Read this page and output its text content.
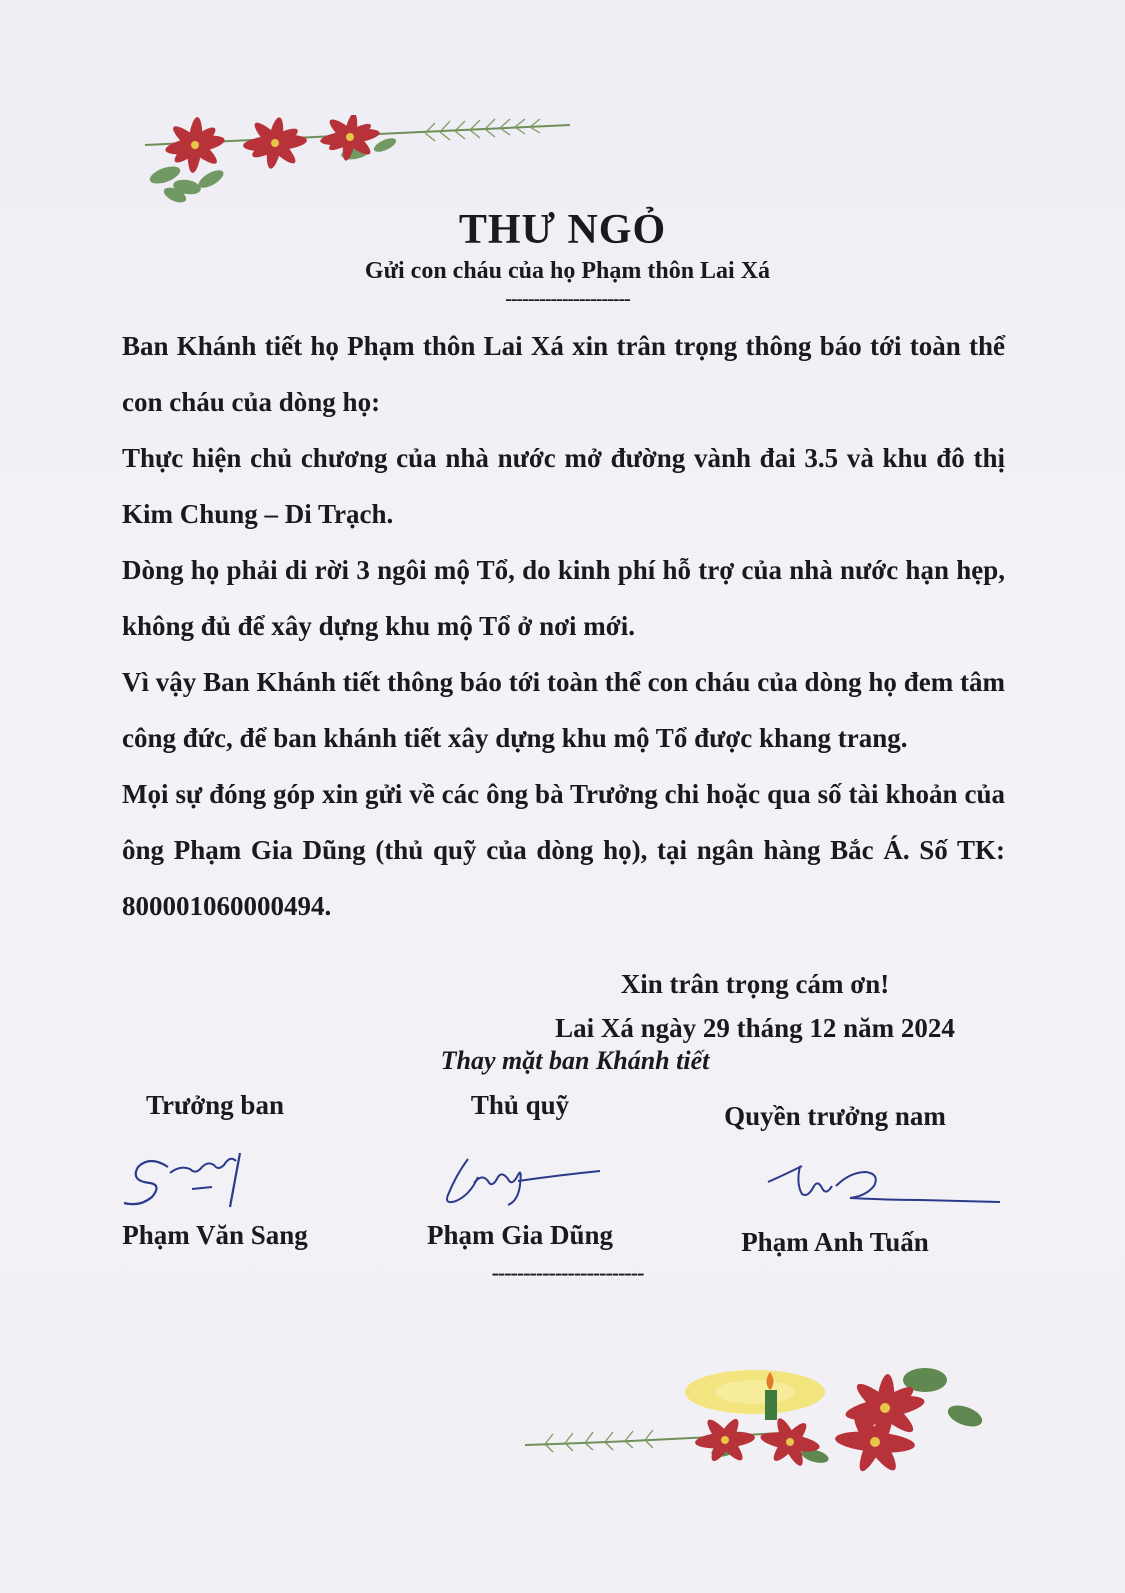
THƯ NGỎ
Gửi con cháu của họ Phạm thôn Lai Xá
----------------------

Ban Khánh tiết họ Phạm thôn Lai Xá xin trân trọng thông báo tới toàn thể con cháu của dòng họ:

Thực hiện chủ chương của nhà nước mở đường vành đai 3.5 và khu đô thị Kim Chung – Di Trạch.

Dòng họ phải di rời 3 ngôi mộ Tổ, do kinh phí hỗ trợ của nhà nước hạn hẹp, không đủ để xây dựng khu mộ Tổ ở nơi mới.

Vì vậy Ban Khánh tiết thông báo tới toàn thể con cháu của dòng họ đem tâm công đức, để ban khánh tiết xây dựng khu mộ Tổ được khang trang.

Mọi sự đóng góp xin gửi về các ông bà Trưởng chi hoặc qua số tài khoản của ông Phạm Gia Dũng (thủ quỹ của dòng họ), tại ngân hàng Bắc Á. Số TK: 800001060000494.

Xin trân trọng cám ơn!
Lai Xá ngày 29 tháng 12 năm 2024
Thay mặt ban Khánh tiết
Trưởng ban
Phạm Văn Sang
Thủ quỹ
Phạm Gia Dũng
Quyền trưởng nam
Phạm Anh Tuấn
------------------------
